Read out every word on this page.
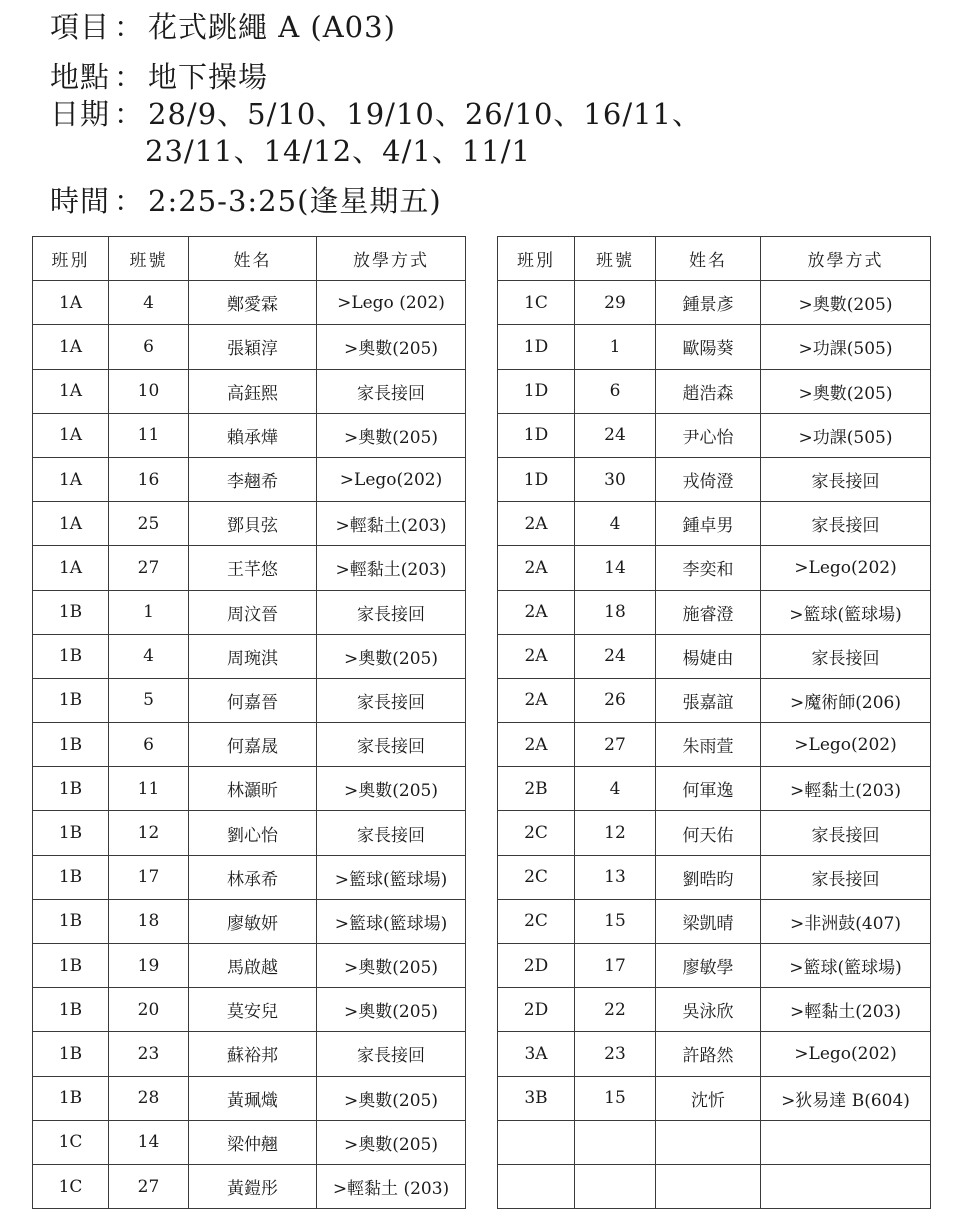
項目 ： 花式跳繩 A (A03)
地點 ： 地下操場
日期 ： 28/9、5/10、19/10、26/10、16/11、
23/11、14/12、4/1、11/1
時間 ： 2:25-3:25(逢星期五)
班別	班號	姓名	放學方式
1A	4	鄭愛霖	>Lego (202)
1A	6	張穎淳	>奧數(205)
1A	10	高鈺熙	家長接回
1A	11	賴承燁	>奧數(205)
1A	16	李翹希	>Lego(202)
1A	25	鄧貝弦	>輕黏土(203)
1A	27	王芊悠	>輕黏土(203)
1B	1	周汶晉	家長接回
1B	4	周琬淇	>奧數(205)
1B	5	何嘉晉	家長接回
1B	6	何嘉晟	家長接回
1B	11	林灝昕	>奧數(205)
1B	12	劉心怡	家長接回
1B	17	林承希	>籃球(籃球場)
1B	18	廖敏妍	>籃球(籃球場)
1B	19	馬啟越	>奧數(205)
1B	20	莫安兒	>奧數(205)
1B	23	蘇裕邦	家長接回
1B	28	黃珮熾	>奧數(205)
1C	14	梁仲翹	>奧數(205)
1C	27	黃鎧彤	>輕黏土 (203)
班別	班號	姓名	放學方式
1C	29	鍾景彥	>奧數(205)
1D	1	歐陽葵	>功課(505)
1D	6	趙浩森	>奧數(205)
1D	24	尹心怡	>功課(505)
1D	30	戎倚澄	家長接回
2A	4	鍾卓男	家長接回
2A	14	李奕和	>Lego(202)
2A	18	施睿澄	>籃球(籃球場)
2A	24	楊婕由	家長接回
2A	26	張嘉誼	>魔術師(206)
2A	27	朱雨萱	>Lego(202)
2B	4	何軍逸	>輕黏土(203)
2C	12	何天佑	家長接回
2C	13	劉晧昀	家長接回
2C	15	梁凱晴	>非洲鼓(407)
2D	17	廖敏學	>籃球(籃球場)
2D	22	吳泳欣	>輕黏土(203)
3A	23	許路然	>Lego(202)
3B	15	沈忻	>狄易達 B(604)
